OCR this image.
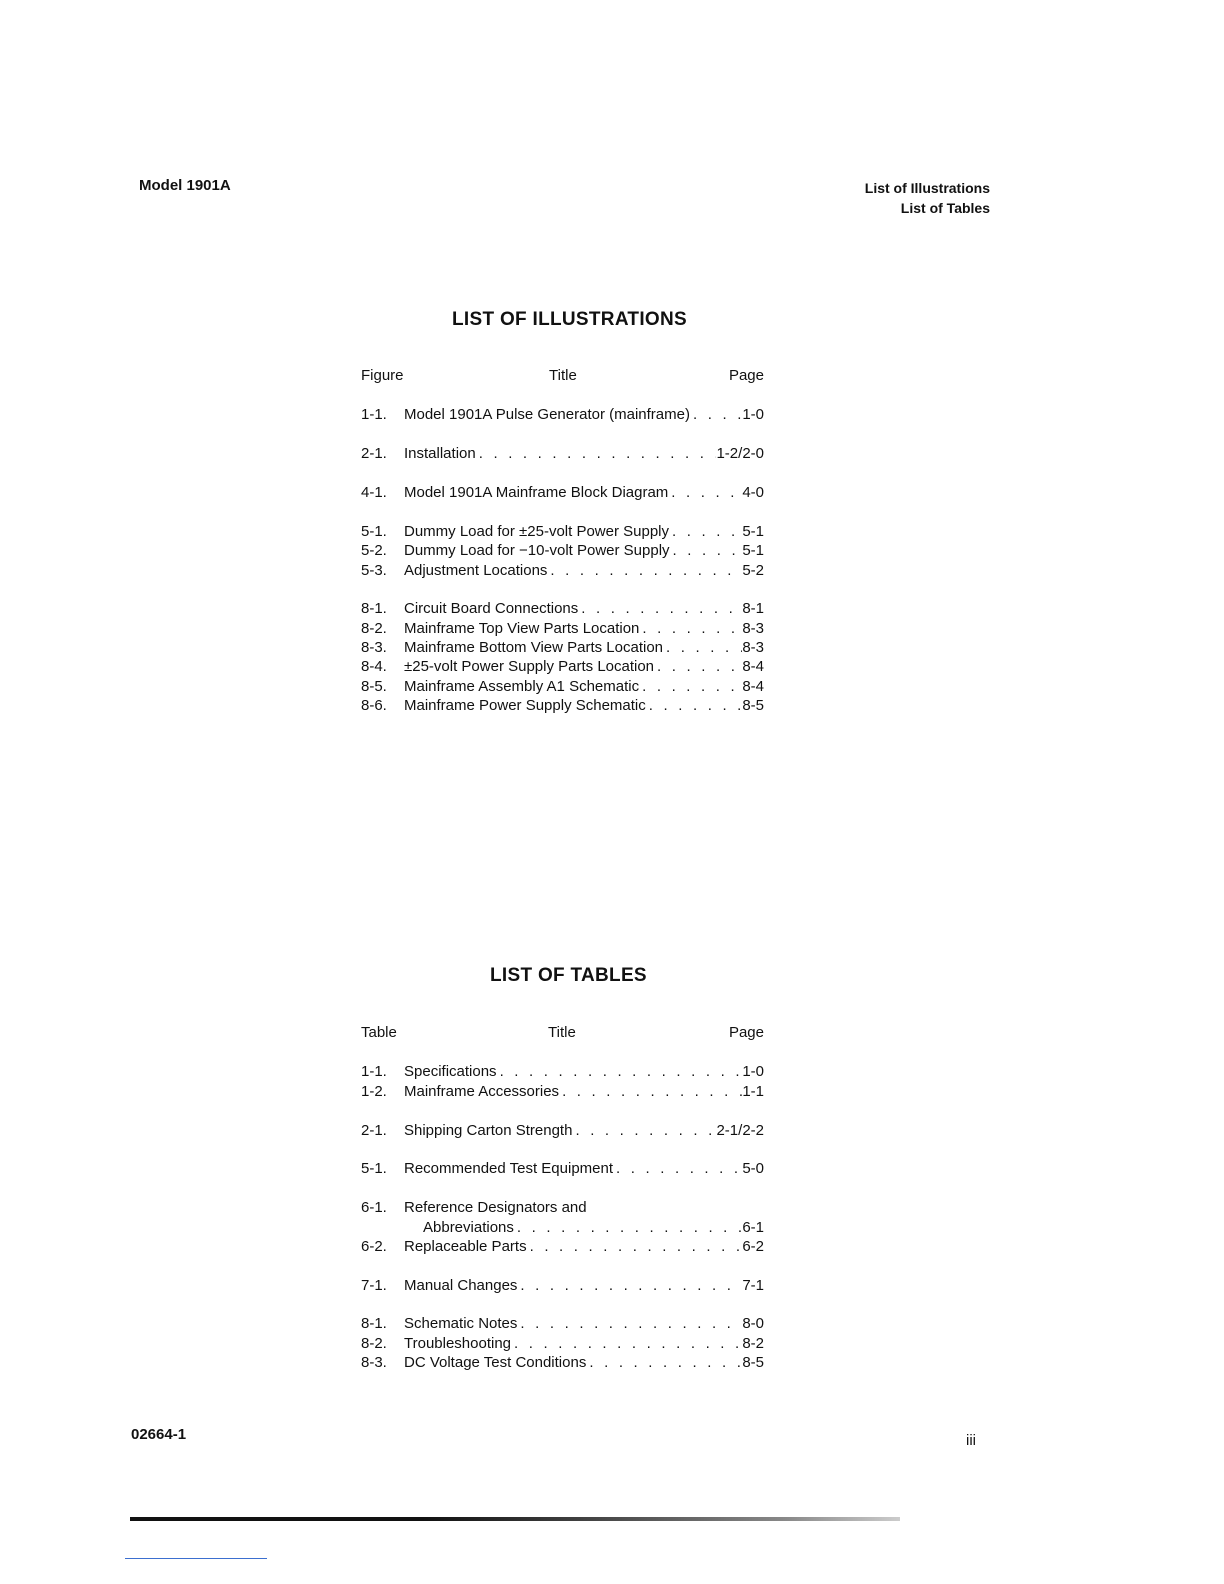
Model 1901A	List of Illustrations
List of Tables
LIST OF ILLUSTRATIONS
Figure	Title	Page
1-1.	Model 1901A Pulse Generator (mainframe) . . .	1-0
2-1.	Installation . . .	1-2/2-0
4-1.	Model 1901A Mainframe Block Diagram . . .	4-0
5-1.	Dummy Load for ±25-volt Power Supply . . .	5-1
5-2.	Dummy Load for −10-volt Power Supply . . .	5-1
5-3.	Adjustment Locations . . .	5-2
8-1.	Circuit Board Connections . . .	8-1
8-2.	Mainframe Top View Parts Location . . .	8-3
8-3.	Mainframe Bottom View Parts Location . . .	8-3
8-4.	±25-volt Power Supply Parts Location . . .	8-4
8-5.	Mainframe Assembly A1 Schematic . . .	8-4
8-6.	Mainframe Power Supply Schematic . . .	8-5
LIST OF TABLES
Table	Title	Page
1-1.	Specifications . . .	1-0
1-2.	Mainframe Accessories . . .	1-1
2-1.	Shipping Carton Strength . . .	2-1/2-2
5-1.	Recommended Test Equipment . . .	5-0
6-1.	Reference Designators and
Abbreviations . . .	6-1
6-2.	Replaceable Parts . . .	6-2
7-1.	Manual Changes . . .	7-1
8-1.	Schematic Notes . . .	8-0
8-2.	Troubleshooting . . .	8-2
8-3.	DC Voltage Test Conditions . . .	8-5
02664-1	iii
